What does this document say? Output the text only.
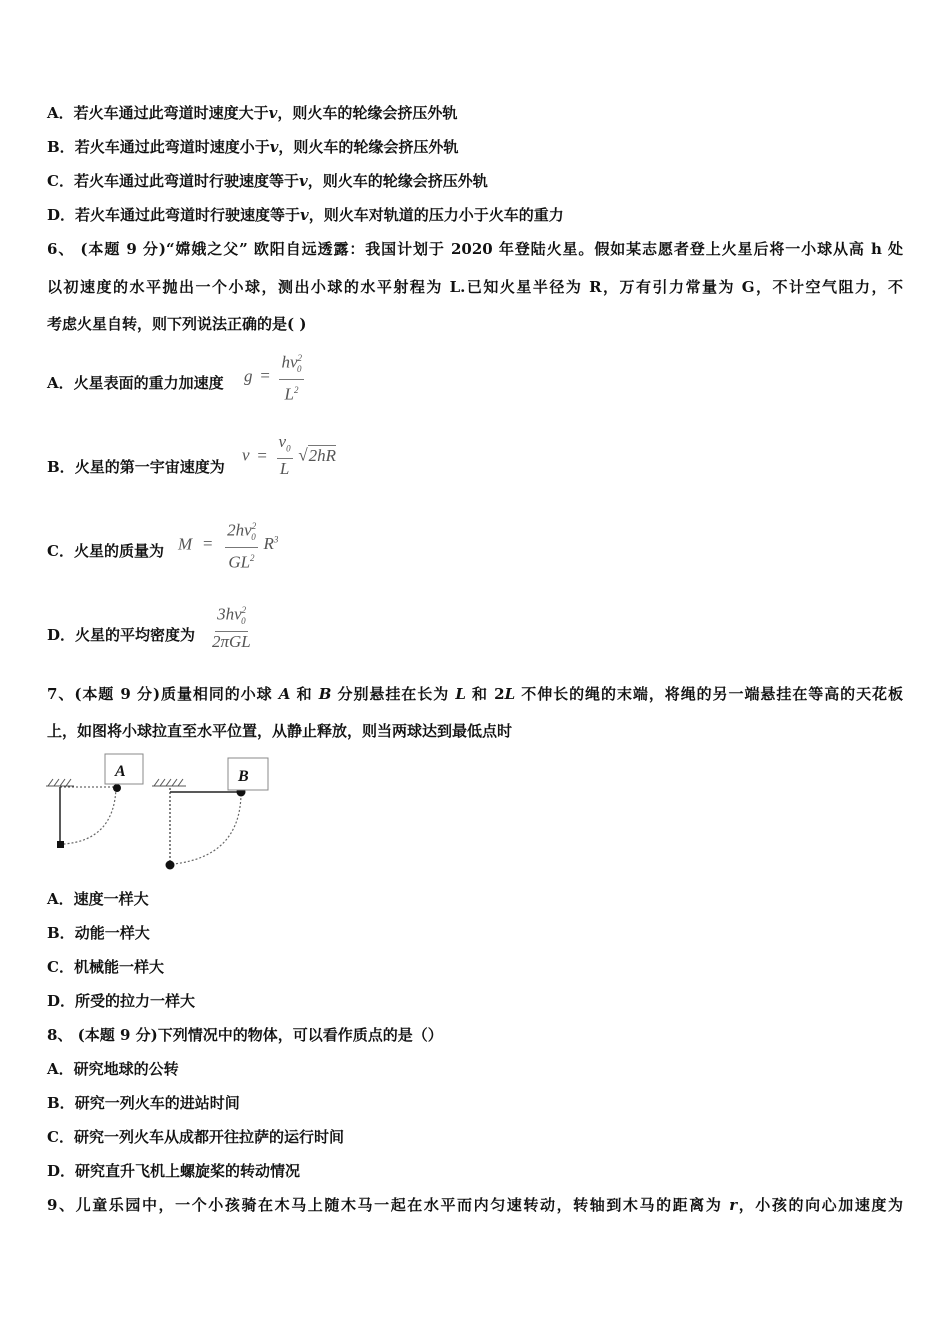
A．若火车通过此弯道时速度大于v，则火车的轮缘会挤压外轨
B．若火车通过此弯道时速度小于v，则火车的轮缘会挤压外轨
C．若火车通过此弯道时行驶速度等于v，则火车的轮缘会挤压外轨
D．若火车通过此弯道时行驶速度等于v，则火车对轨道的压力小于火车的重力
6、 (本题 9 分)“嫦娥之父” 欧阳自远透露：我国计划于 2020 年登陆火星。假如某志愿者登上火星后将一小球从高 h 处
以初速度的水平抛出一个小球，测出小球的水平射程为 L.已知火星半径为 R，万有引力常量为 G，不计空气阻力，不
考虑火星自转，则下列说法正确的是( )
A．火星表面的重力加速度 $g = \frac{hv^2_0}{L^2}$
B．火星的第一宇宙速度为
$v = \frac{v_0}{L} √2hR$
C．火星的质量为 $M = \frac{2hv^2_0}{GL^2} R^3$
D．火星的平均密度为 $\frac{3hv^2_0}{\text{2πGL}}$
7、(本题 9 分)质量相同的小球 A 和 B 分别悬挂在长为 L 和 2L 不伸长的绳的末端，将绳的另一端悬挂在等高的天花板
上，如图将小球拉直至水平位置，从静止释放，则当两球达到最低点时
A	B
A．速度一样大
B．动能一样大
C．机械能一样大
D．所受的拉力一样大
8、 (本题 9 分)下列情况中的物体，可以看作质点的是（）
A．研究地球的公转
B．研究一列火车的进站时间
C．研究一列火车从成都开往拉萨的运行时间
D．研究直升飞机上螺旋桨的转动情况
9、儿童乐园中，一个小孩骑在木马上随木马一起在水平而内匀速转动，转轴到木马的距离为 r，小孩的向心加速度为
